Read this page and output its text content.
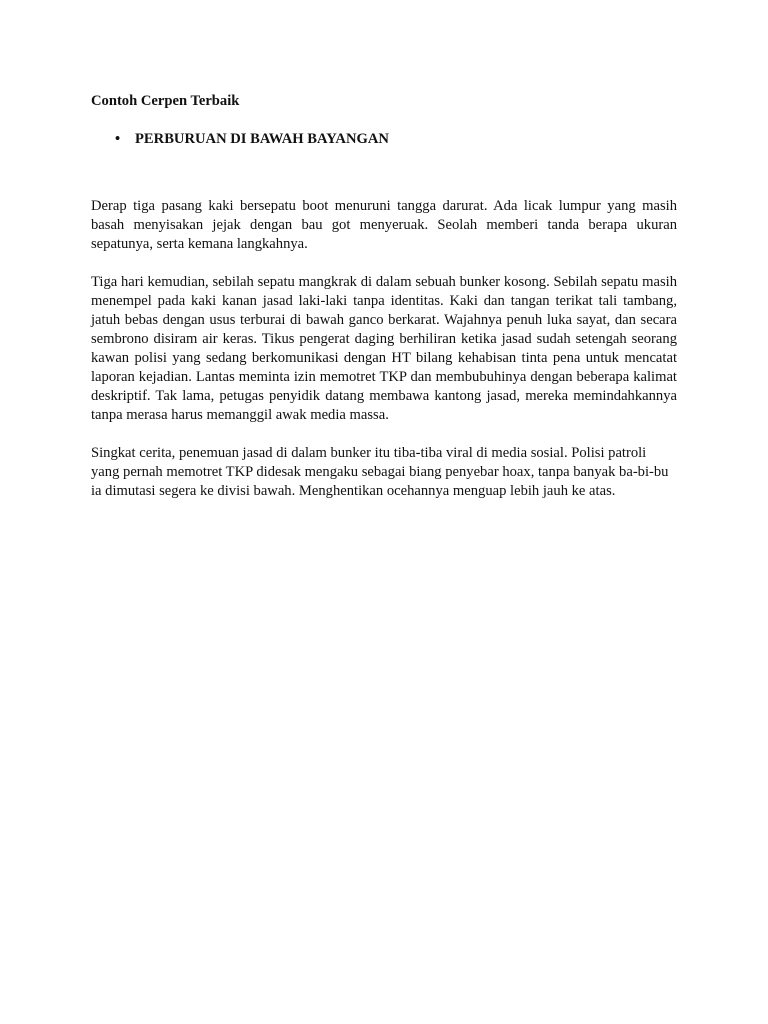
Contoh Cerpen Terbaik

• PERBURUAN DI BAWAH BAYANGAN

Derap tiga pasang kaki bersepatu boot menuruni tangga darurat. Ada licak lumpur yang masih basah menyisakan jejak dengan bau got menyeruak. Seolah memberi tanda berapa ukuran sepatunya, serta kemana langkahnya.

Tiga hari kemudian, sebilah sepatu mangkrak di dalam sebuah bunker kosong. Sebilah sepatu masih menempel pada kaki kanan jasad laki-laki tanpa identitas. Kaki dan tangan terikat tali tambang, jatuh bebas dengan usus terburai di bawah ganco berkarat. Wajahnya penuh luka sayat, dan secara sembrono disiram air keras. Tikus pengerat daging berhiliran ketika jasad sudah setengah seorang kawan polisi yang sedang berkomunikasi dengan HT bilang kehabisan tinta pena untuk mencatat laporan kejadian. Lantas meminta izin memotret TKP dan membubuhinya dengan beberapa kalimat deskriptif. Tak lama, petugas penyidik datang membawa kantong jasad, mereka memindahkannya tanpa merasa harus memanggil awak media massa.

Singkat cerita, penemuan jasad di dalam bunker itu tiba-tiba viral di media sosial. Polisi patroli yang pernah memotret TKP didesak mengaku sebagai biang penyebar hoax, tanpa banyak ba-bi-bu ia dimutasi segera ke divisi bawah. Menghentikan ocehannya menguap lebih jauh ke atas.
